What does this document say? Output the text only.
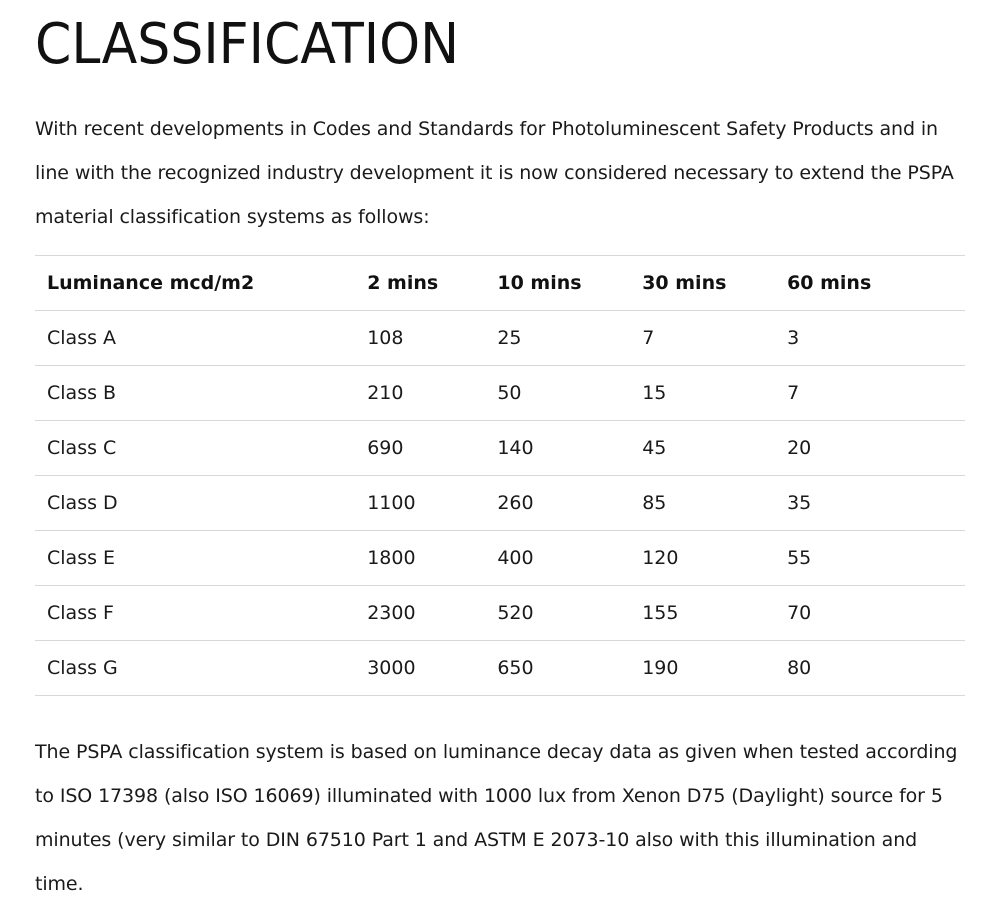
CLASSIFICATION

With recent developments in Codes and Standards for Photoluminescent Safety Products and in line with the recognized industry development it is now considered necessary to extend the PSPA material classification systems as follows:

Luminance mcd/m2	2 mins	10 mins	30 mins	60 mins
Class A	108	25	7	3
Class B	210	50	15	7
Class C	690	140	45	20
Class D	1100	260	85	35
Class E	1800	400	120	55
Class F	2300	520	155	70
Class G	3000	650	190	80

The PSPA classification system is based on luminance decay data as given when tested according to ISO 17398 (also ISO 16069) illuminated with 1000 lux from Xenon D75 (Daylight) source for 5 minutes (very similar to DIN 67510 Part 1 and ASTM E 2073-10 also with this illumination and time.
